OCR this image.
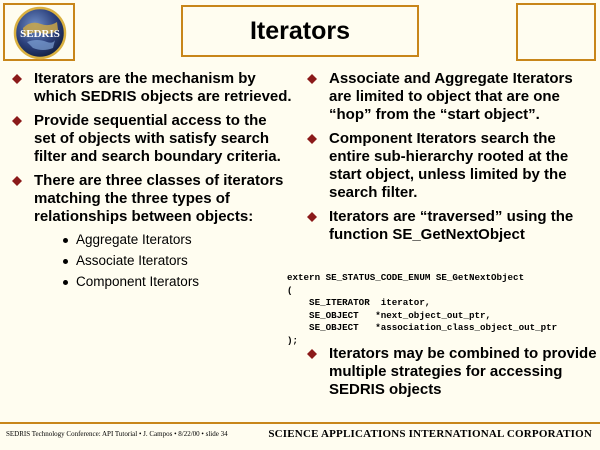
SEDRIS	Iterators
Iterators are the mechanism by which SEDRIS objects are retrieved.
Provide sequential access to the set of objects with satisfy search filter and search boundary criteria.
There are three classes of iterators matching the three types of relationships between objects:
Aggregate Iterators
Associate Iterators
Component Iterators
Associate and Aggregate Iterators are limited to object that are one “hop” from the “start object”.
Component Iterators search the entire sub-hierarchy rooted at the start object, unless limited by the search filter.
Iterators are “traversed” using the function SE_GetNextObject
extern SE_STATUS_CODE_ENUM SE_GetNextObject
(
SE_ITERATOR  iterator,
SE_OBJECT   *next_object_out_ptr,
SE_OBJECT   *association_class_object_out_ptr
);
Iterators may be combined to provide multiple strategies for accessing SEDRIS objects
SEDRIS Technology Conference: API Tutorial • J. Campos • 8/22/00 • slide 34	SCIENCE APPLICATIONS INTERNATIONAL CORPORATION
